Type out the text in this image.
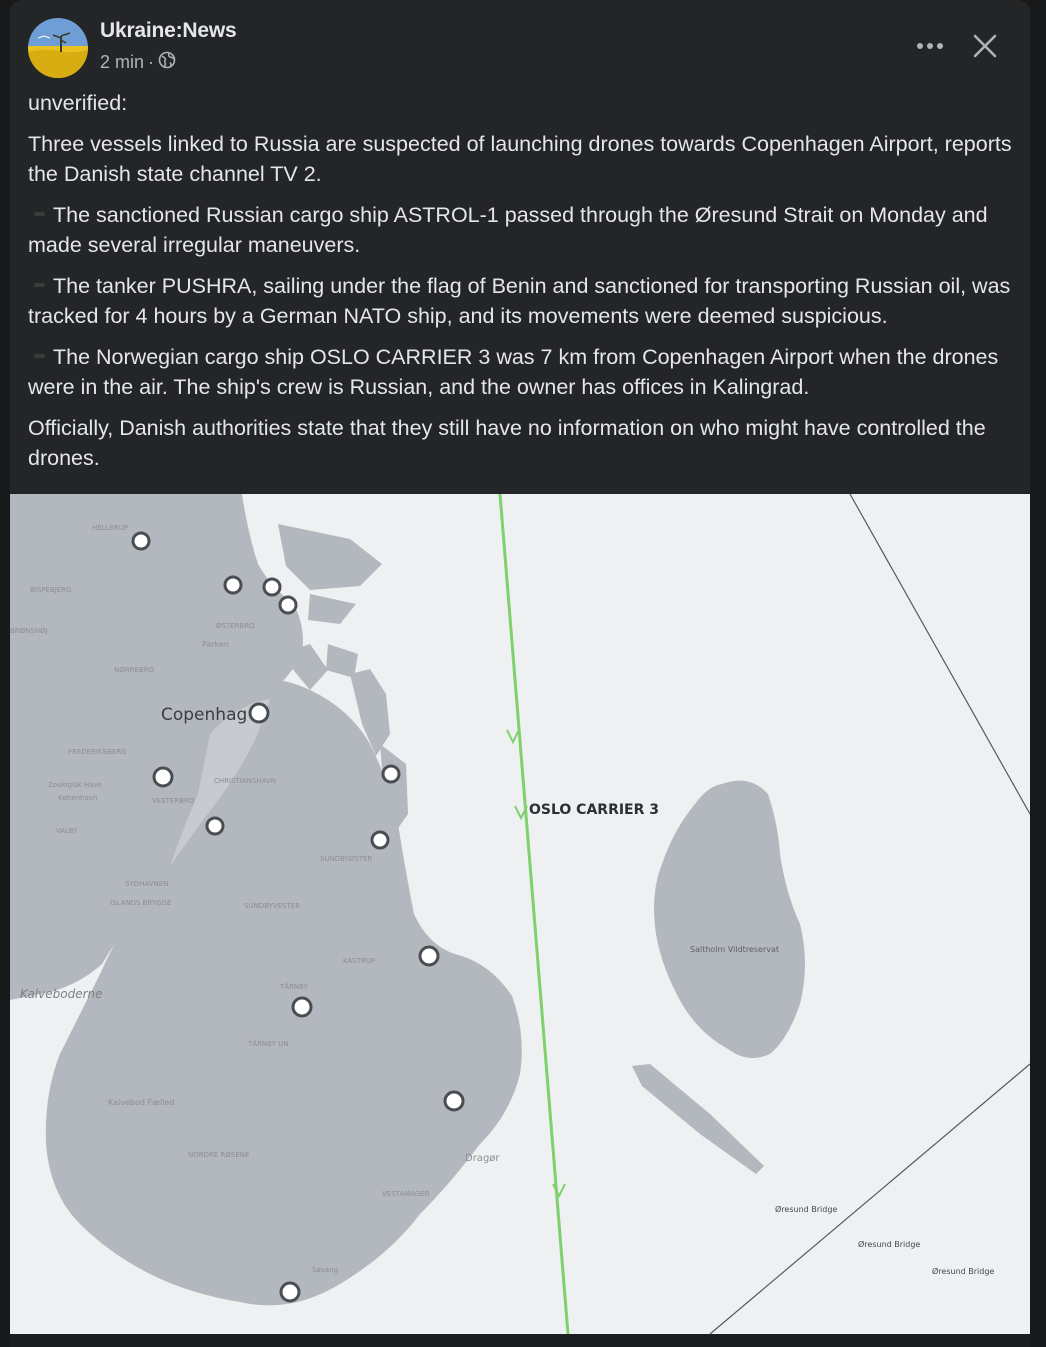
Ukraine:News
2 min ·

unverified:

Three vessels linked to Russia are suspected of launching drones towards Copenhagen Airport, reports the Danish state channel TV 2.

The sanctioned Russian cargo ship ASTROL-1 passed through the Øresund Strait on Monday and made several irregular maneuvers.

The tanker PUSHRA, sailing under the flag of Benin and sanctioned for transporting Russian oil, was tracked for 4 hours by a German NATO ship, and its movements were deemed suspicious.

The Norwegian cargo ship OSLO CARRIER 3 was 7 km from Copenhagen Airport when the drones were in the air. The ship's crew is Russian, and the owner has offices in Kalingrad.

Officially, Danish authorities state that they still have no information on who might have controlled the drones.

OSLO CARRIER 3
Copenhag
Zoologisk Have
København
Kalveboderne
Kalvebod Fælled
Parken
Saltholm Vildtreservat
Dragør
Øresund Bridge
Øresund Bridge
Øresund Bridge
ØSTERBRO
NØRREBRO
CHRISTIANSHAVN
VESTERBRO
FREDERIKSBERG
VALBY
SUNDBYØSTER
SUNDBYVESTER
KASTRUP
TÅRNBY
TÅRNBY UN
SYDHAVNEN
ISLANDS BRYGGE
NORDRE RØSENE
VESTAMAGER
Søvang
HELLERUP
BISPEBJERG
BRØNSHØJ
